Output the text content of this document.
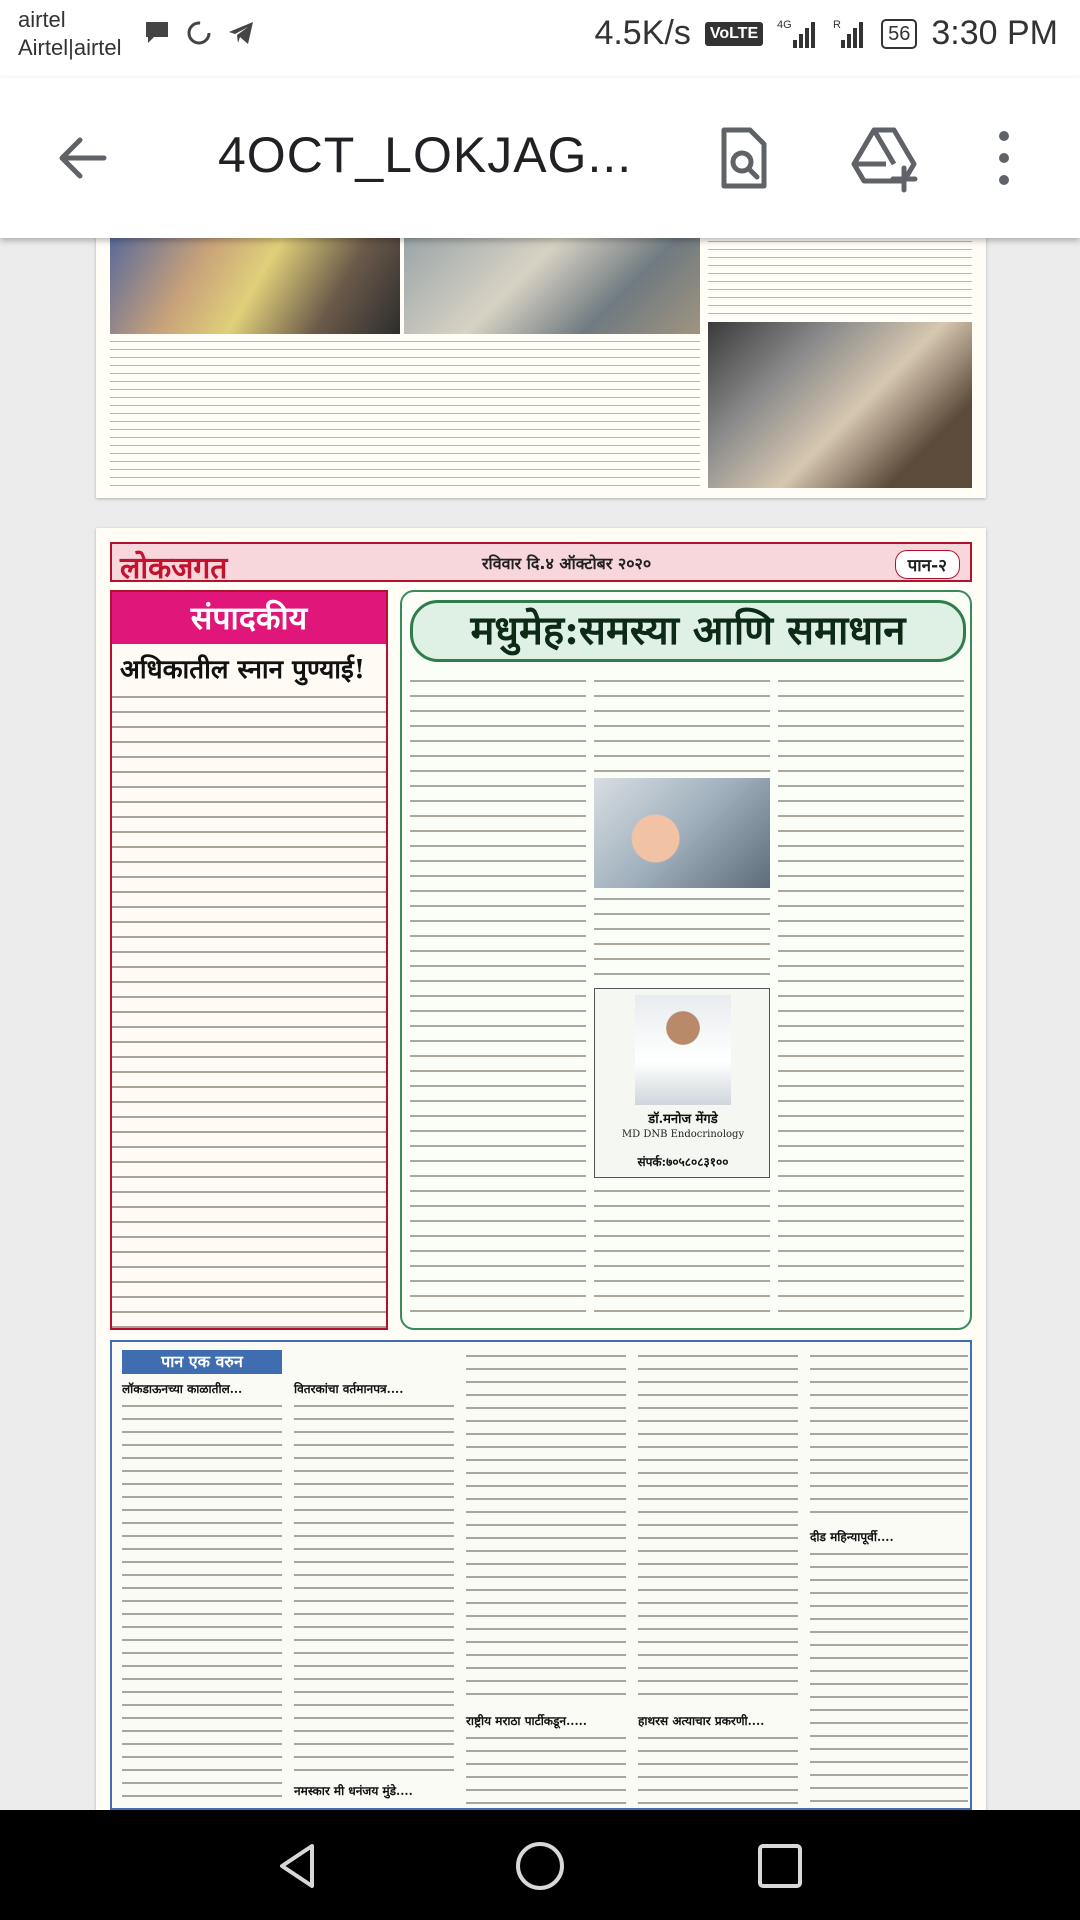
airtel
Airtel|airtel	4.5K/s	VoLTE	4G	R	56 3:30 PM
4OCT_LOKJAG...
लोकजगत	रविवार दि.४ ऑक्टोबर २०२०	पान-२
संपादकीय
अधिकातील स्नान पुण्याई!
मधुमेह:समस्या आणि समाधान
डॉ.मनोज मेंगडे
MD DNB Endocrinology
संपर्क:७०५८०८३१००
पान एक वरुन
लॉकडाऊनच्या काळातील...	वितरकांचा वर्तमानपत्र....
राष्ट्रीय मराठा पार्टीकडून.....	हाथरस अत्याचार प्रकरणी....
दीड महिन्यापूर्वी....
नमस्कार मी धनंजय मुंडे....
